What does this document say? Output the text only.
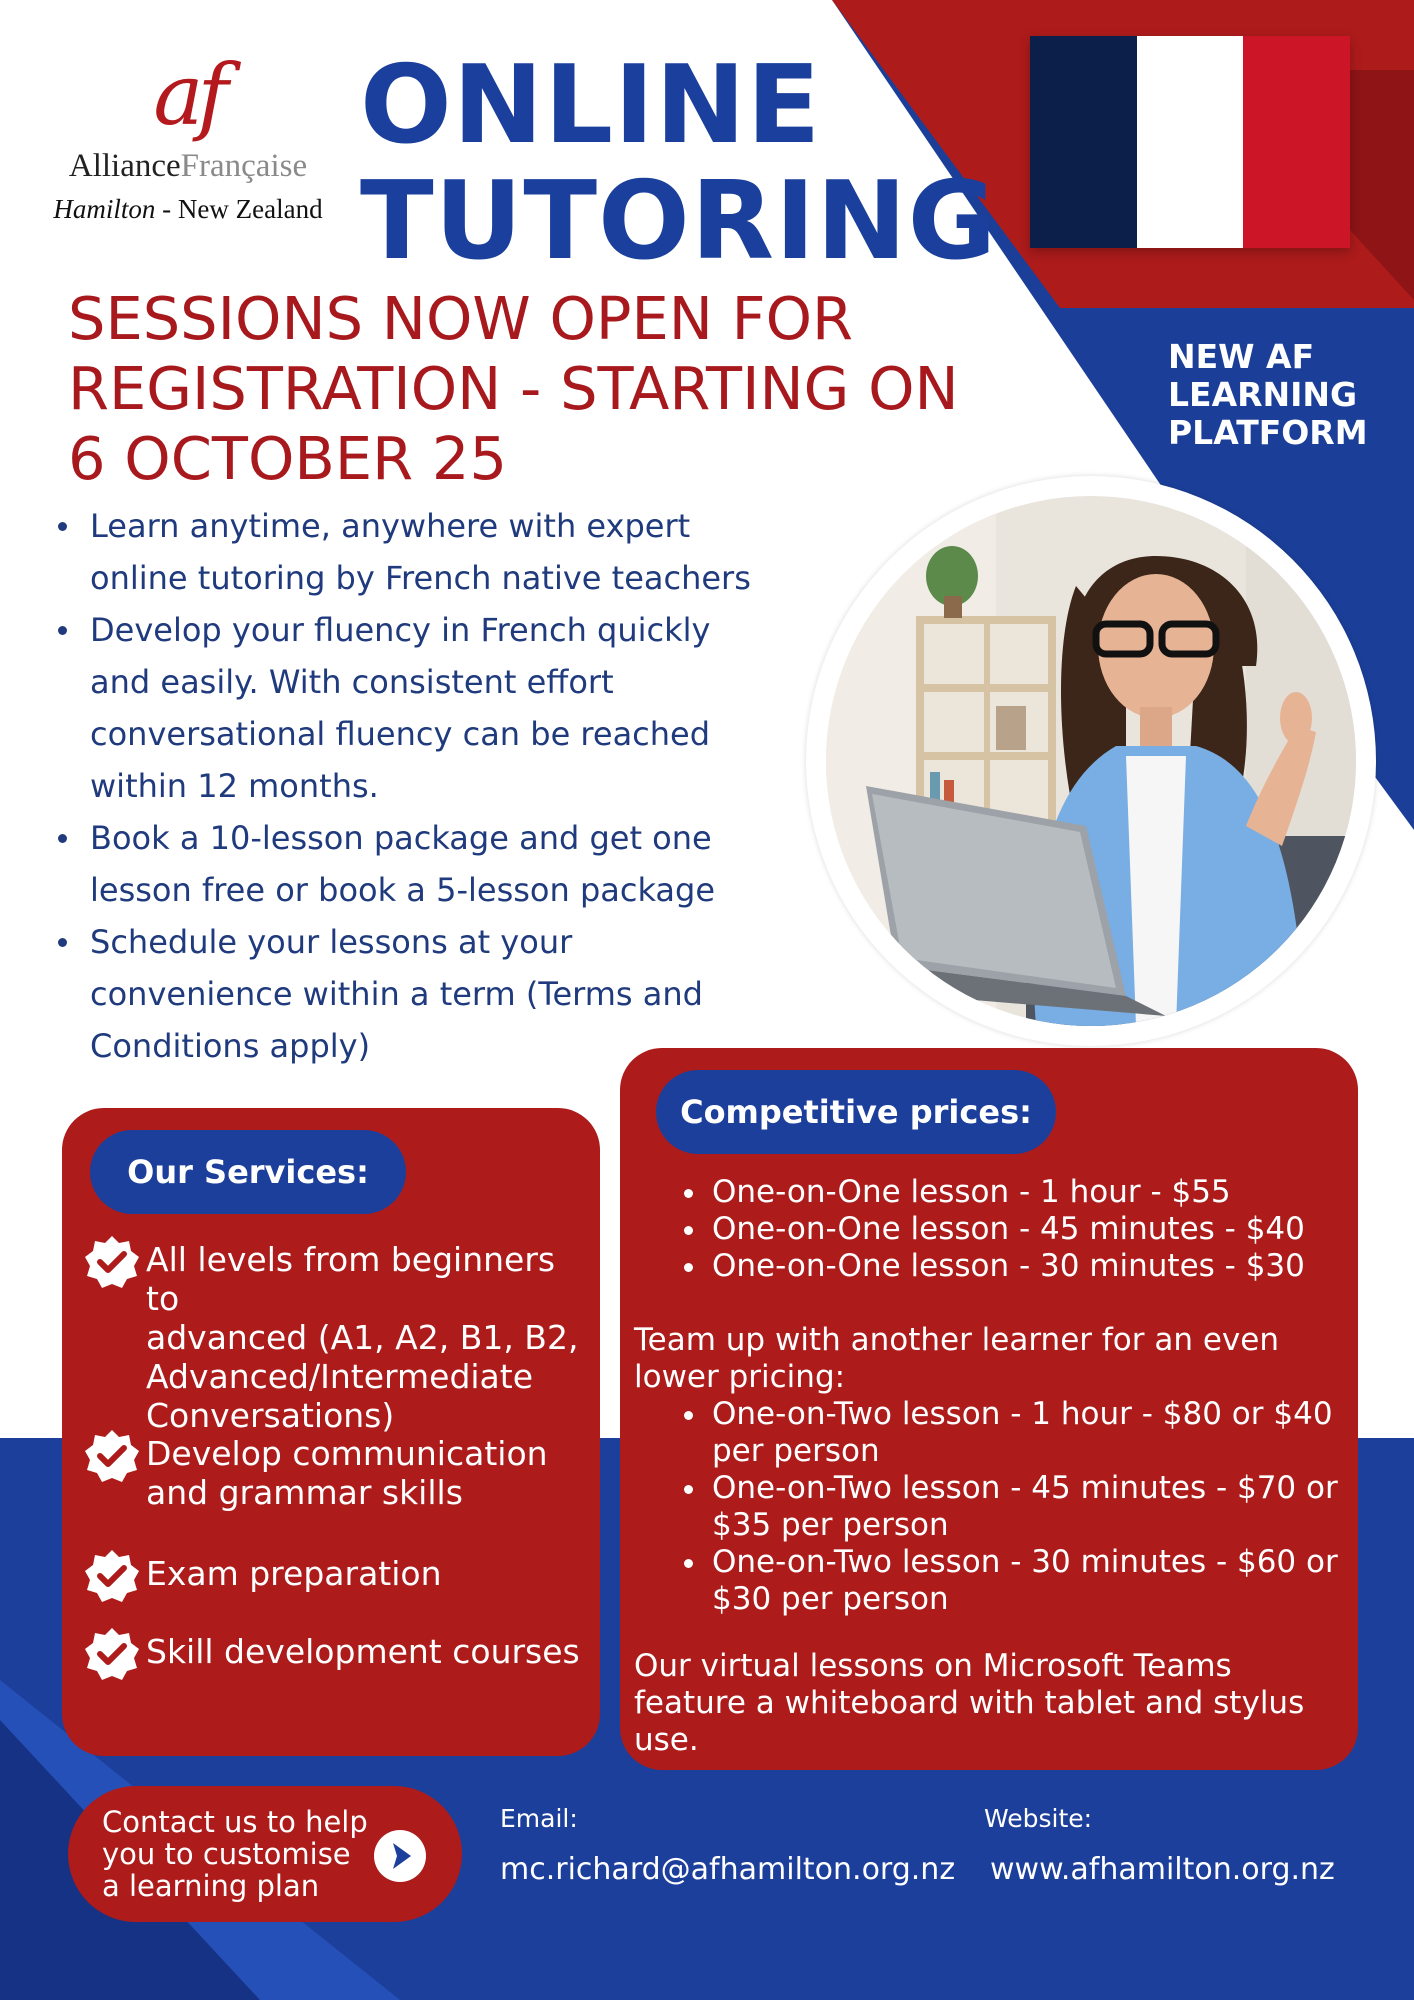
af
AllianceFrançaise
Hamilton - New Zealand
ONLINE
TUTORING
NEW AF
LEARNING
PLATFORM
SESSIONS NOW OPEN FOR
REGISTRATION - STARTING ON
6 OCTOBER 25
Learn anytime, anywhere with expert
online tutoring by French native teachers
Develop your fluency in French quickly
and easily. With consistent effort
conversational fluency can be reached
within 12 months.
Book a 10-lesson package and get one
lesson free or book a 5-lesson package
Schedule your lessons at your
convenience within a term (Terms and
Conditions apply)
Our Services:
All levels from beginners to
advanced (A1, A2, B1, B2,
Advanced/Intermediate
Conversations)
Develop communication
and grammar skills
Exam preparation
Skill development courses
Competitive prices:
One-on-One lesson - 1 hour - $55
One-on-One lesson - 45 minutes - $40
One-on-One lesson - 30 minutes - $30
Team up with another learner for an even
lower pricing:
One-on-Two lesson - 1 hour - $80 or $40
per person
One-on-Two lesson - 45 minutes - $70 or
$35 per person
One-on-Two lesson - 30 minutes - $60 or
$30 per person
Our virtual lessons on Microsoft Teams
feature a whiteboard with tablet and stylus
use.
Contact us to help
you to customise
a learning plan
Email:
mc.richard@afhamilton.org.nz
Website:
www.afhamilton.org.nz
